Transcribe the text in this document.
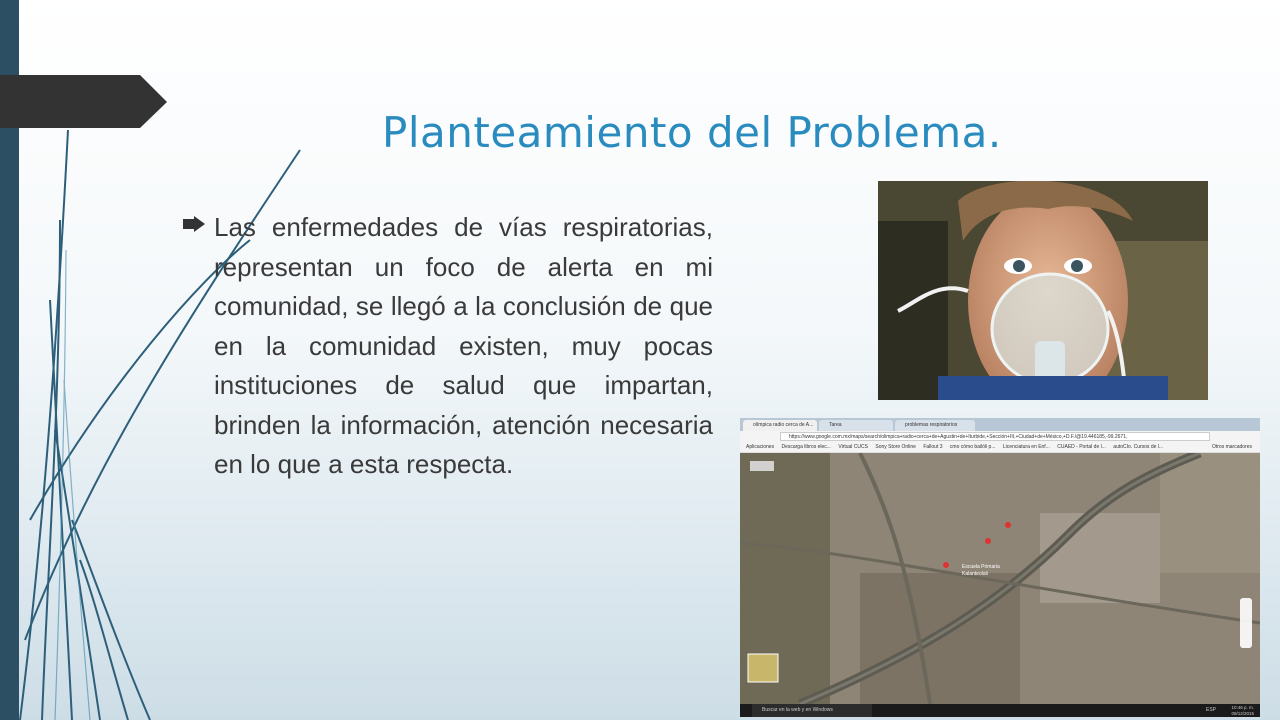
Planteamiento del Problema.

Las enfermedades de vías respiratorias, representan un foco de alerta en mi comunidad, se llegó a la conclusión de que en la comunidad existen, muy pocas instituciones de salud que impartan, brinden la información, atención necesaria en lo que a esta respecta.

olímpica radio cerca de A...	Tarea	problemas respiratorios
https://www.google.com.mx/maps/search/olimpica+radio+cerca+de+Agustin+de+Iturbide,+Sección+III,+Ciudad+de+México,+D.F./@19.446185,-99.2671,
Aplicaciones Descarga libros elec... Virtual CUCS Sony Store Online Fallout 3 cmo cómo bailóli p... Licenciatura en Enf... CUAED - Portal de l... autoCIo. Cursos de l...	Otros marcadores
Escuela Primaria
Kalanteolali
Buscar en la web y en Windows	ESP	10:46 p. m.
09/12/2015
